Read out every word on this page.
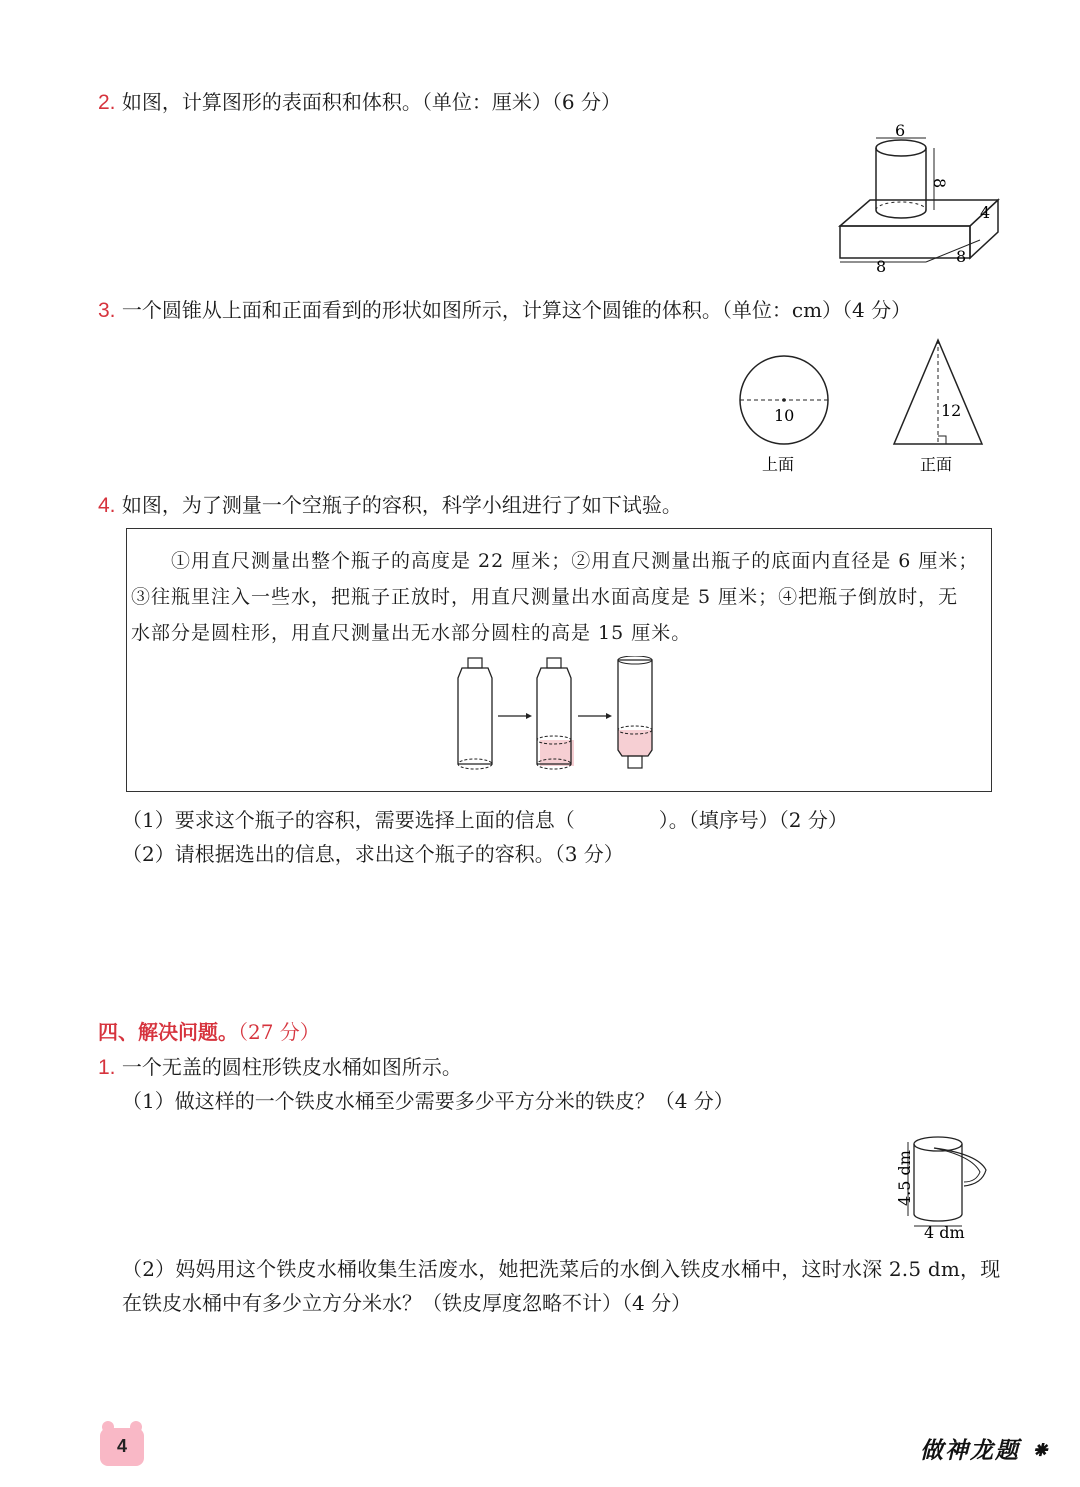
2. 如图，计算图形的表面积和体积。（单位：厘米）（6 分）
6
8
4
8
8
3. 一个圆锥从上面和正面看到的形状如图所示，计算这个圆锥的体积。（单位：cm）（4 分）
10
上面
12
正面
4. 如图，为了测量一个空瓶子的容积，科学小组进行了如下试验。
①用直尺测量出整个瓶子的高度是 22 厘米；②用直尺测量出瓶子的底面内直径是 6 厘米；
③往瓶里注入一些水，把瓶子正放时，用直尺测量出水面高度是 5 厘米；④把瓶子倒放时，无
水部分是圆柱形，用直尺测量出无水部分圆柱的高是 15 厘米。
（1）要求这个瓶子的容积，需要选择上面的信息（	）。（填序号）（2 分）
（2）请根据选出的信息，求出这个瓶子的容积。（3 分）
四、解决问题。（27 分）
1. 一个无盖的圆柱形铁皮水桶如图所示。
（1）做这样的一个铁皮水桶至少需要多少平方分米的铁皮？（4 分）
4.5 dm
4 dm
（2）妈妈用这个铁皮水桶收集生活废水，她把洗菜后的水倒入铁皮水桶中，这时水深 2.5 dm，现
在铁皮水桶中有多少立方分米水？（铁皮厚度忽略不计）（4 分）
4	做神龙题 ⁕
